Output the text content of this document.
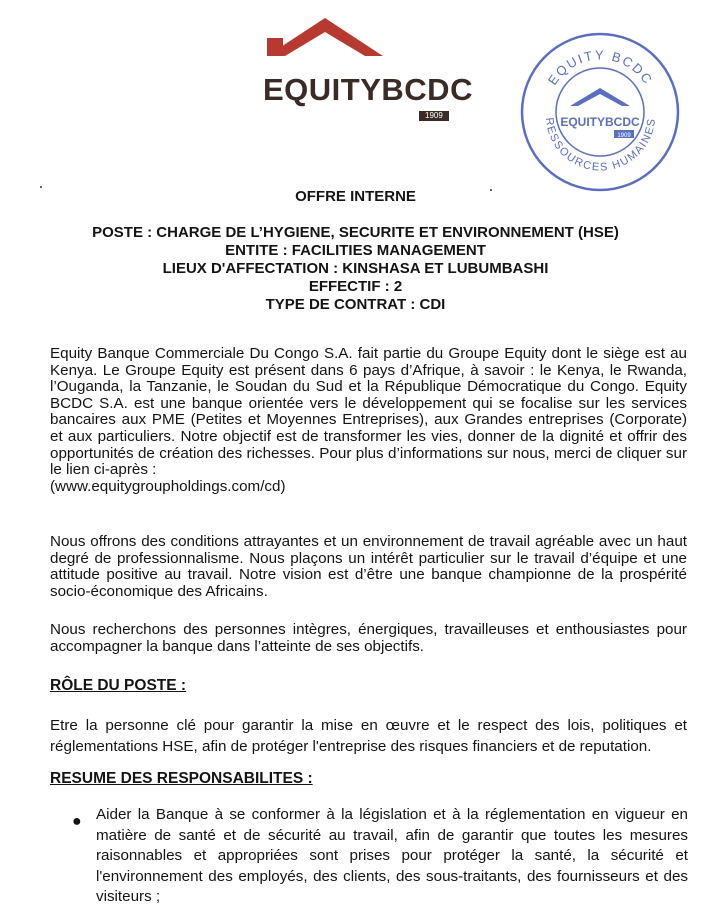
EQUITYBCDC
1909
EQUITY BCDC
RESSOURCES HUMAINES
EQUITYBCDC
1909
OFFRE INTERNE
POSTE : CHARGE DE L’HYGIENE, SECURITE ET ENVIRONNEMENT (HSE)
ENTITE : FACILITIES MANAGEMENT
LIEUX D'AFFECTATION : KINSHASA ET LUBUMBASHI
EFFECTIF : 2
TYPE DE CONTRAT : CDI

Equity Banque Commerciale Du Congo S.A. fait partie du Groupe Equity dont le siège est au Kenya. Le Groupe Equity est présent dans 6 pays d’Afrique, à savoir : le Kenya, le Rwanda, l’Ouganda, la Tanzanie, le Soudan du Sud et la République Démocratique du Congo. Equity BCDC S.A. est une banque orientée vers le développement qui se focalise sur les services bancaires aux PME (Petites et Moyennes Entreprises), aux Grandes entreprises (Corporate) et aux particuliers. Notre objectif est de transformer les vies, donner de la dignité et offrir des opportunités de création des richesses. Pour plus d’informations sur nous, merci de cliquer sur le lien ci-après :
(www.equitygroupholdings.com/cd)

Nous offrons des conditions attrayantes et un environnement de travail agréable avec un haut degré de professionnalisme. Nous plaçons un intérêt particulier sur le travail d’équipe et une attitude positive au travail. Notre vision est d’être une banque championne de la prospérité socio-économique des Africains.

Nous recherchons des personnes intègres, énergiques, travailleuses et enthousiastes pour accompagner la banque dans l’atteinte de ses objectifs.

RÔLE DU POSTE :

Etre la personne clé pour garantir la mise en œuvre et le respect des lois, politiques et réglementations HSE, afin de protéger l'entreprise des risques financiers et de reputation.

RESUME DES RESPONSABILITES :
● Aider la Banque à se conformer à la législation et à la réglementation en vigueur en matière de santé et de sécurité au travail, afin de garantir que toutes les mesures raisonnables et appropriées sont prises pour protéger la santé, la sécurité et l'environnement des employés, des clients, des sous-traitants, des fournisseurs et des visiteurs ;
